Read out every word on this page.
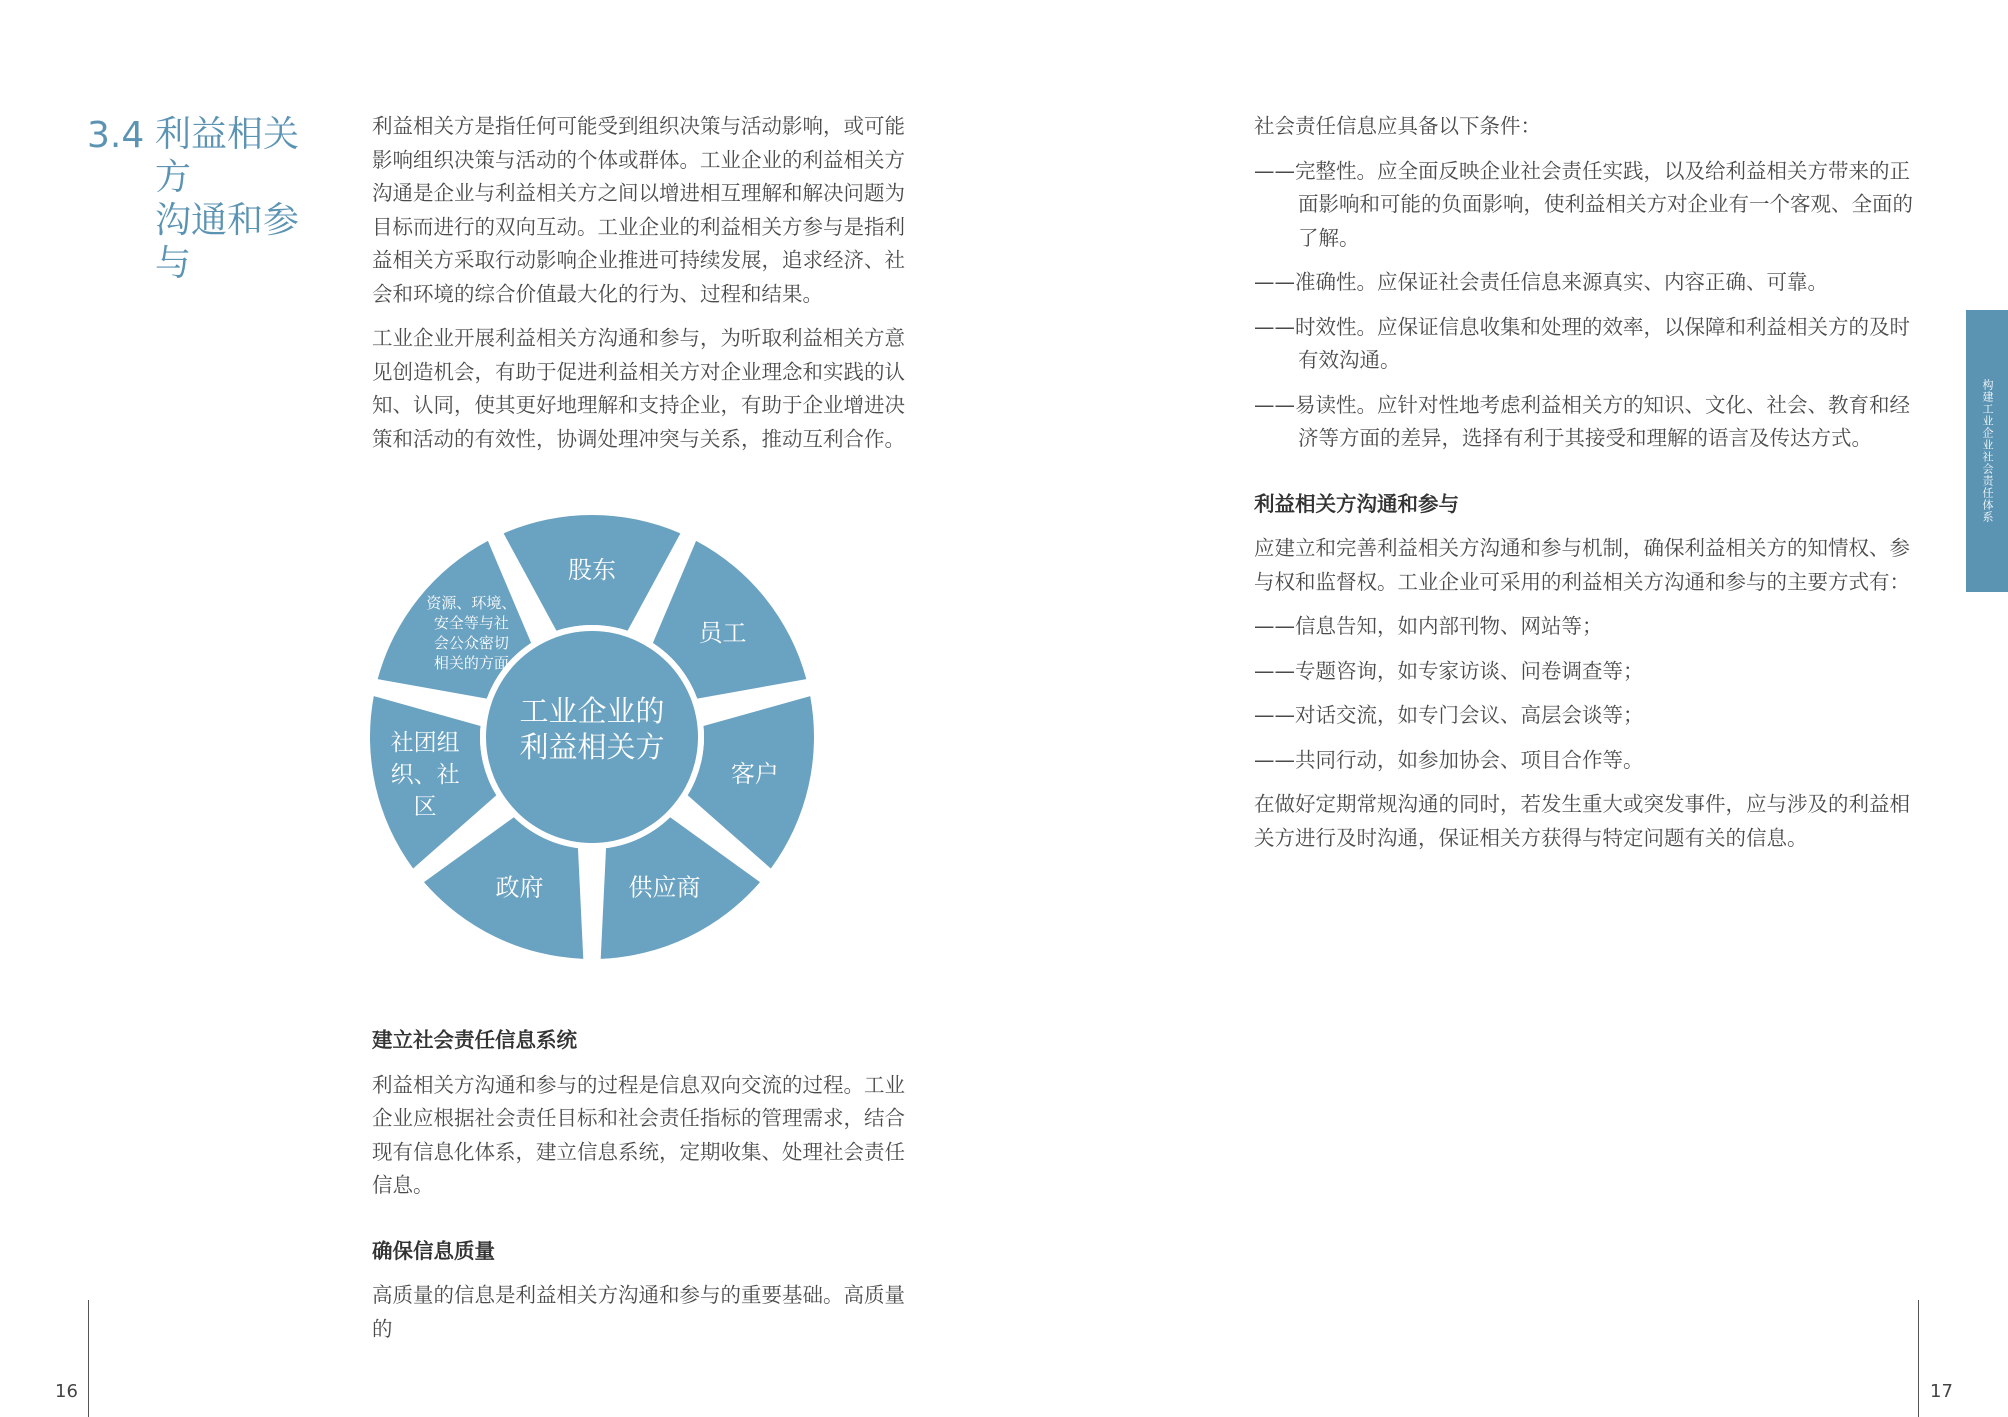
3.4 利益相关方
沟通和参与

利益相关方是指任何可能受到组织决策与活动影响，或可能影响组织决策与活动的个体或群体。工业企业的利益相关方沟通是企业与利益相关方之间以增进相互理解和解决问题为目标而进行的双向互动。工业企业的利益相关方参与是指利益相关方采取行动影响企业推进可持续发展，追求经济、社会和环境的综合价值最大化的行为、过程和结果。

工业企业开展利益相关方沟通和参与，为听取利益相关方意见创造机会，有助于促进利益相关方对企业理念和实践的认知、认同，使其更好地理解和支持企业，有助于企业增进决策和活动的有效性，协调处理冲突与关系，推动互利合作。

工业企业的
利益相关方
股东
员工
客户
供应商
政府
社团组
织、社
区
资源、环境、
安全等与社
会公众密切
相关的方面

建立社会责任信息系统

利益相关方沟通和参与的过程是信息双向交流的过程。工业企业应根据社会责任目标和社会责任指标的管理需求，结合现有信息化体系，建立信息系统，定期收集、处理社会责任信息。

确保信息质量

高质量的信息是利益相关方沟通和参与的重要基础。高质量的

社会责任信息应具备以下条件：

——完整性。应全面反映企业社会责任实践，以及给利益相关方带来的正面影响和可能的负面影响，使利益相关方对企业有一个客观、全面的了解。

——准确性。应保证社会责任信息来源真实、内容正确、可靠。

——时效性。应保证信息收集和处理的效率，以保障和利益相关方的及时有效沟通。

——易读性。应针对性地考虑利益相关方的知识、文化、社会、教育和经济等方面的差异，选择有利于其接受和理解的语言及传达方式。

利益相关方沟通和参与

应建立和完善利益相关方沟通和参与机制，确保利益相关方的知情权、参与权和监督权。工业企业可采用的利益相关方沟通和参与的主要方式有：

——信息告知，如内部刊物、网站等；

——专题咨询，如专家访谈、问卷调查等；

——对话交流，如专门会议、高层会谈等；

——共同行动，如参加协会、项目合作等。

在做好定期常规沟通的同时，若发生重大或突发事件，应与涉及的利益相关方进行及时沟通，保证相关方获得与特定问题有关的信息。

构建工业企业社会责任体系
16	17
